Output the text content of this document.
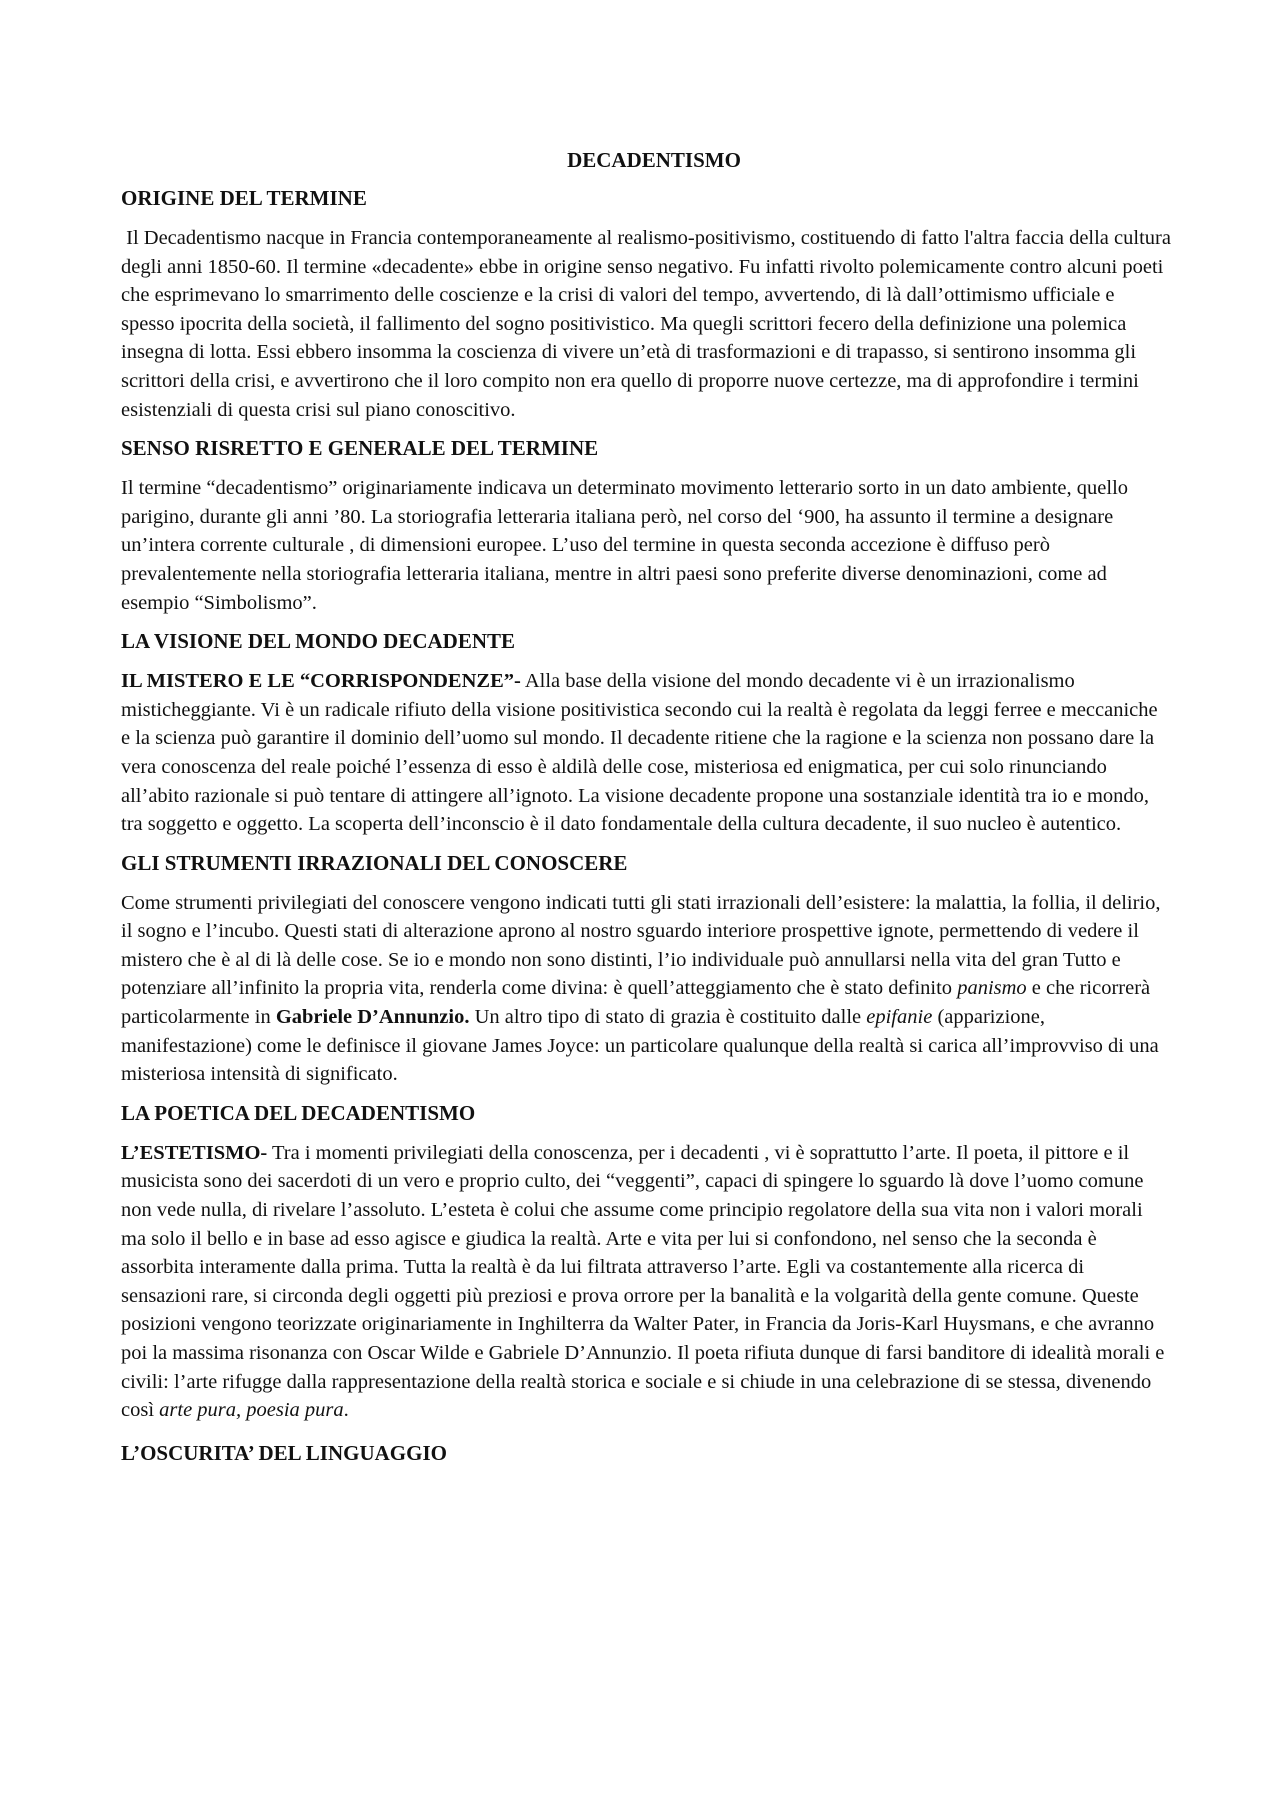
DECADENTISMO
ORIGINE DEL TERMINE

Il Decadentismo nacque in Francia contemporaneamente al realismo-positivismo, costituendo di fatto l'altra faccia della cultura degli anni 1850-60. Il termine «decadente» ebbe in origine senso negativo. Fu infatti rivolto polemicamente contro alcuni poeti che esprimevano lo smarrimento delle coscienze e la crisi di valori del tempo, avvertendo, di là dall’ottimismo ufficiale e spesso ipocrita della società, il fallimento del sogno positivistico. Ma quegli scrittori fecero della definizione una polemica insegna di lotta. Essi ebbero insomma la coscienza di vivere un’età di trasformazioni e di trapasso, si sentirono insomma gli scrittori della crisi, e avvertirono che il loro compito non era quello di proporre nuove certezze, ma di approfondire i termini esistenziali di questa crisi sul piano conoscitivo.

SENSO RISRETTO E GENERALE DEL TERMINE

Il termine “decadentismo” originariamente indicava un determinato movimento letterario sorto in un dato ambiente, quello parigino, durante gli anni ’80. La storiografia letteraria italiana però, nel corso del ‘900, ha assunto il termine a designare un’intera corrente culturale , di dimensioni europee. L’uso del termine in questa seconda accezione è diffuso però prevalentemente nella storiografia letteraria italiana, mentre in altri paesi sono preferite diverse denominazioni, come ad esempio “Simbolismo”.

LA VISIONE DEL MONDO DECADENTE

IL MISTERO E LE “CORRISPONDENZE”- Alla base della visione del mondo decadente vi è un irrazionalismo misticheggiante. Vi è un radicale rifiuto della visione positivistica secondo cui la realtà è regolata da leggi ferree e meccaniche e la scienza può garantire il dominio dell’uomo sul mondo. Il decadente ritiene che la ragione e la scienza non possano dare la vera conoscenza del reale poiché l’essenza di esso è aldilà delle cose, misteriosa ed enigmatica, per cui solo rinunciando all’abito razionale si può tentare di attingere all’ignoto. La visione decadente propone una sostanziale identità tra io e mondo, tra soggetto e oggetto. La scoperta dell’inconscio è il dato fondamentale della cultura decadente, il suo nucleo è autentico.

GLI STRUMENTI IRRAZIONALI DEL CONOSCERE

Come strumenti privilegiati del conoscere vengono indicati tutti gli stati irrazionali dell’esistere: la malattia, la follia, il delirio, il sogno e l’incubo. Questi stati di alterazione aprono al nostro sguardo interiore prospettive ignote, permettendo di vedere il mistero che è al di là delle cose. Se io e mondo non sono distinti, l’io individuale può annullarsi nella vita del gran Tutto e potenziare all’infinito la propria vita, renderla come divina: è quell’atteggiamento che è stato definito panismo e che ricorrerà particolarmente in Gabriele D’Annunzio. Un altro tipo di stato di grazia è costituito dalle epifanie (apparizione, manifestazione) come le definisce il giovane James Joyce: un particolare qualunque della realtà si carica all’improvviso di una misteriosa intensità di significato.

LA POETICA DEL DECADENTISMO

L’ESTETISMO- Tra i momenti privilegiati della conoscenza, per i decadenti , vi è soprattutto l’arte. Il poeta, il pittore e il musicista sono dei sacerdoti di un vero e proprio culto, dei “veggenti”, capaci di spingere lo sguardo là dove l’uomo comune non vede nulla, di rivelare l’assoluto. L’esteta è colui che assume come principio regolatore della sua vita non i valori morali ma solo il bello e in base ad esso agisce e giudica la realtà. Arte e vita per lui si confondono, nel senso che la seconda è assorbita interamente dalla prima. Tutta la realtà è da lui filtrata attraverso l’arte. Egli va costantemente alla ricerca di sensazioni rare, si circonda degli oggetti più preziosi e prova orrore per la banalità e la volgarità della gente comune. Queste posizioni vengono teorizzate originariamente in Inghilterra da Walter Pater, in Francia da Joris-Karl Huysmans, e che avranno poi la massima risonanza con Oscar Wilde e Gabriele D’Annunzio. Il poeta rifiuta dunque di farsi banditore di idealità morali e civili: l’arte rifugge dalla rappresentazione della realtà storica e sociale e si chiude in una celebrazione di se stessa, divenendo così arte pura, poesia pura.

L’OSCURITA’ DEL LINGUAGGIO
